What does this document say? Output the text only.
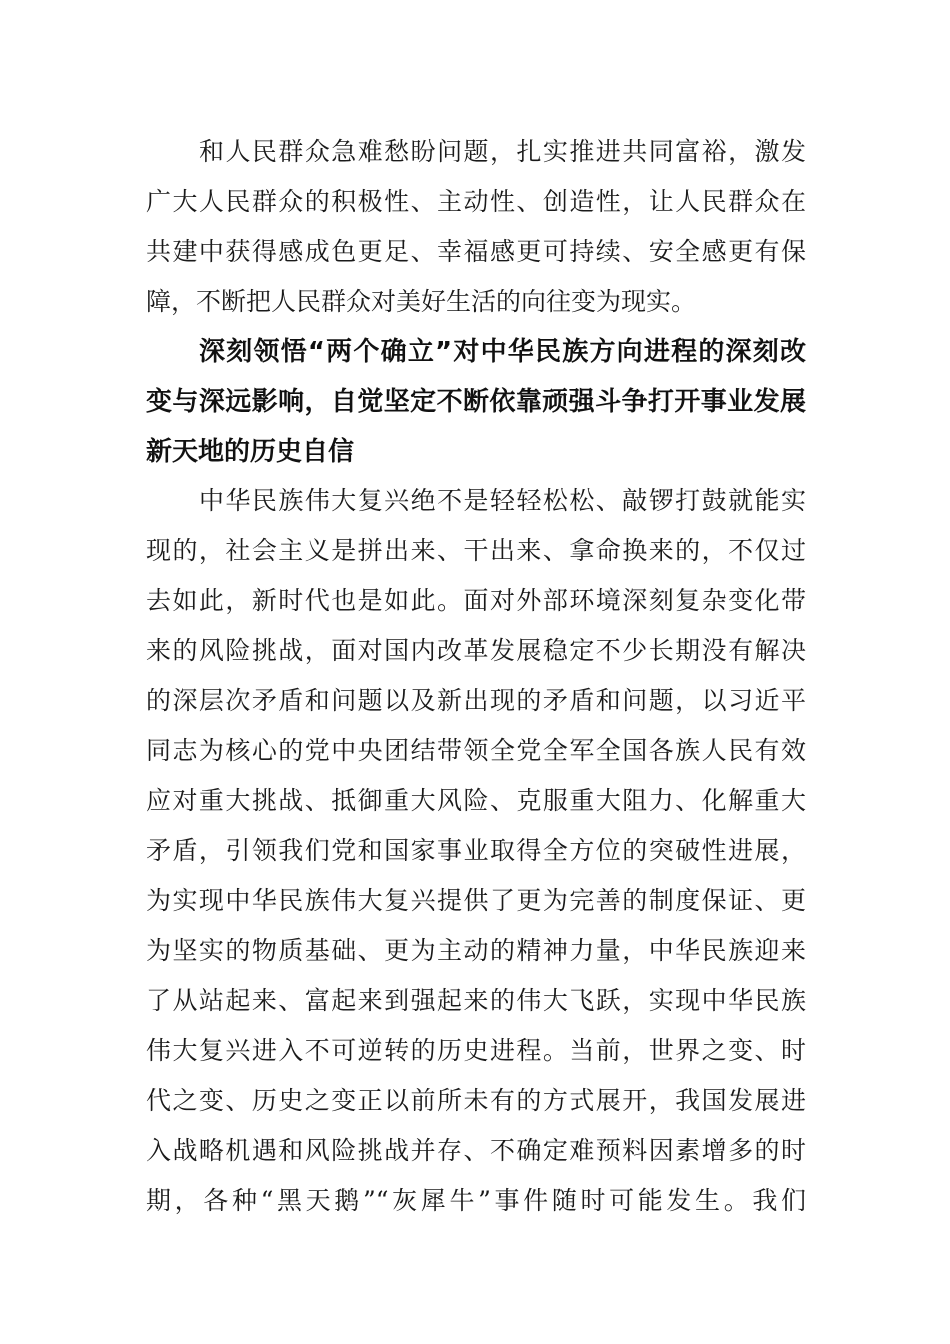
和人民群众急难愁盼问题，扎实推进共同富裕，激发
广大人民群众的积极性、主动性、创造性，让人民群众在
共建中获得感成色更足、幸福感更可持续、安全感更有保
障，不断把人民群众对美好生活的向往变为现实。
深刻领悟“两个确立”对中华民族方向进程的深刻改
变与深远影响，自觉坚定不断依靠顽强斗争打开事业发展
新天地的历史自信
中华民族伟大复兴绝不是轻轻松松、敲锣打鼓就能实
现的，社会主义是拼出来、干出来、拿命换来的，不仅过
去如此，新时代也是如此。面对外部环境深刻复杂变化带
来的风险挑战，面对国内改革发展稳定不少长期没有解决
的深层次矛盾和问题以及新出现的矛盾和问题，以习近平
同志为核心的党中央团结带领全党全军全国各族人民有效
应对重大挑战、抵御重大风险、克服重大阻力、化解重大
矛盾，引领我们党和国家事业取得全方位的突破性进展，
为实现中华民族伟大复兴提供了更为完善的制度保证、更
为坚实的物质基础、更为主动的精神力量，中华民族迎来
了从站起来、富起来到强起来的伟大飞跃，实现中华民族
伟大复兴进入不可逆转的历史进程。当前，世界之变、时
代之变、历史之变正以前所未有的方式展开，我国发展进
入战略机遇和风险挑战并存、不确定难预料因素增多的时
期，各种“黑天鹅”“灰犀牛”事件随时可能发生。我们
